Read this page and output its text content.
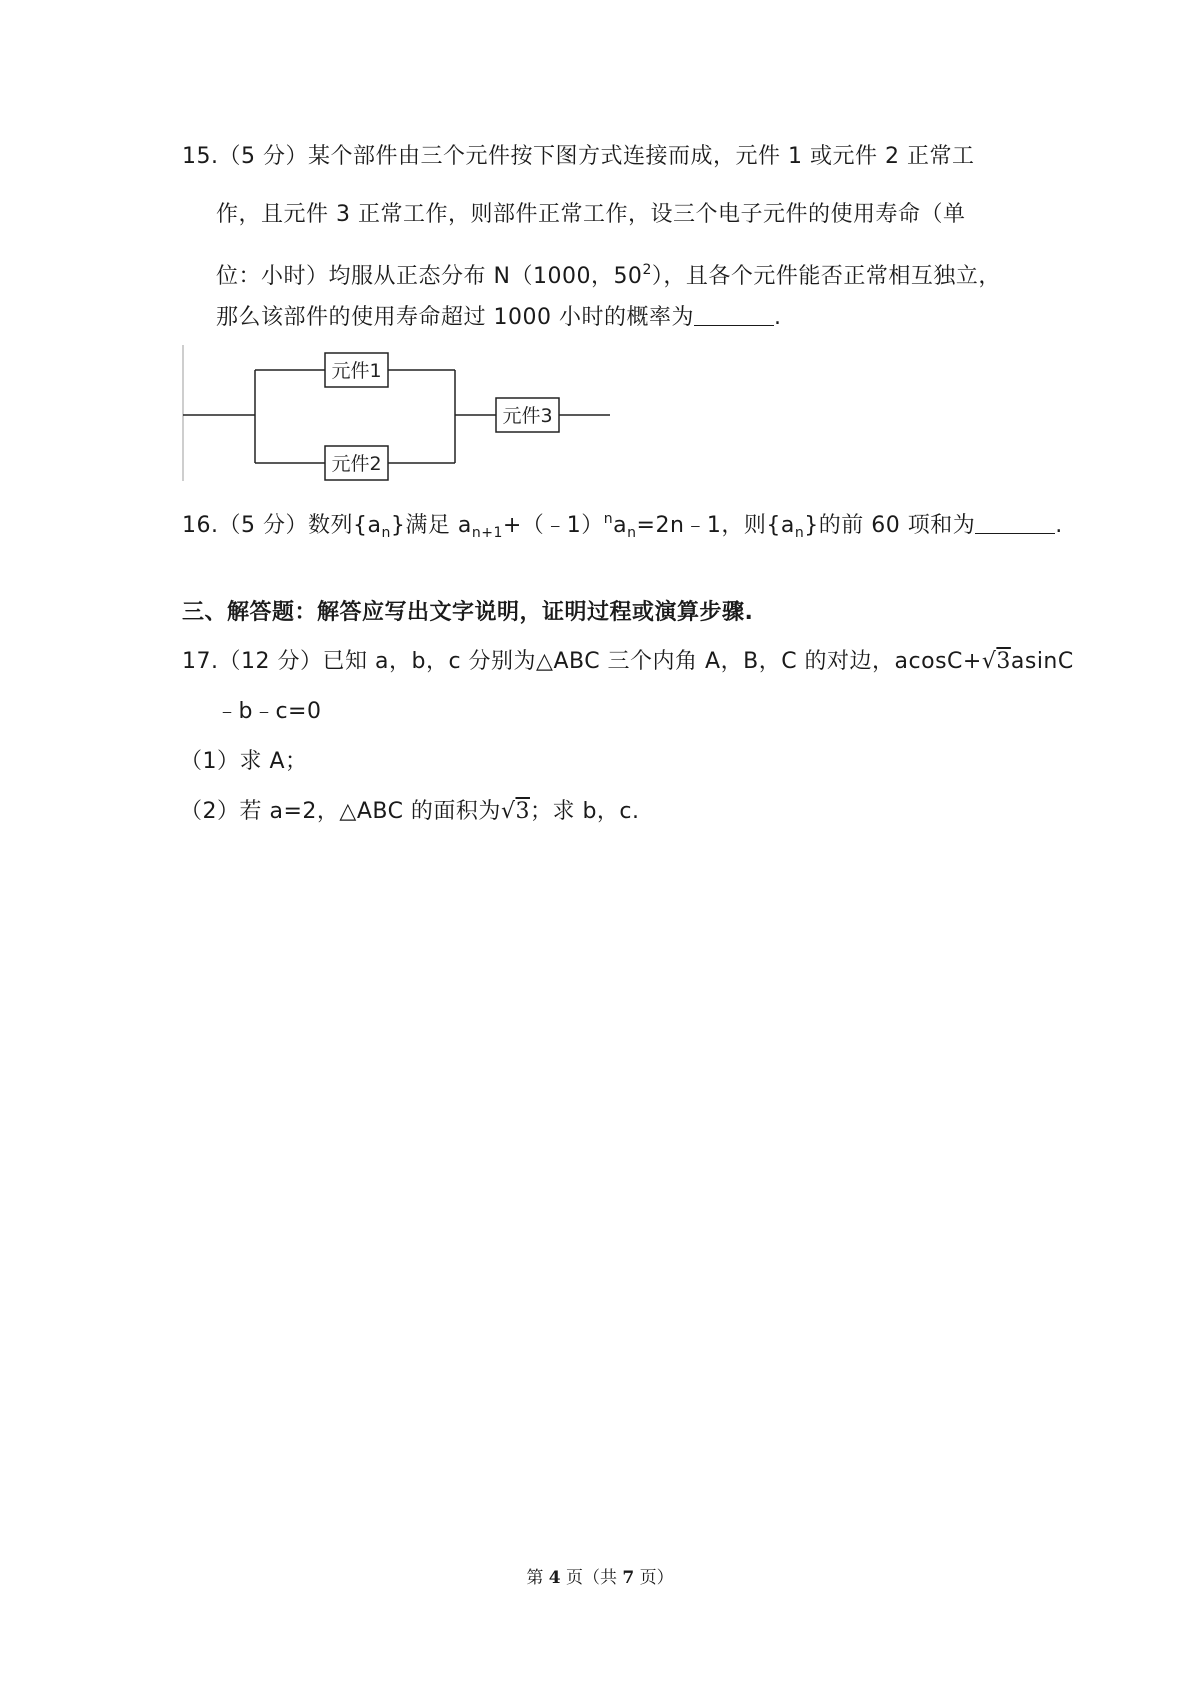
15.（5 分）某个部件由三个元件按下图方式连接而成，元件 1 或元件 2 正常工
作，且元件 3 正常工作，则部件正常工作，设三个电子元件的使用寿命（单
位：小时）均服从正态分布 N（1000，$50^2$），且各个元件能否正常相互独立，
那么该部件的使用寿命超过 1000 小时的概率为	.
元件1
元件2
元件3
16.（5 分）数列$\{a_n\}$满足 $a_{n+1}+(﹣1)^na_n=2n﹣1$，则$\{a_n\}$的前 60 项和为	.
三、解答题：解答应写出文字说明，证明过程或演算步骤.
17.（12 分）已知 a，b，c 分别为△ABC 三个内角 A，B，C 的对边，acosC+√3asinC
﹣b﹣c=0
（1）求 A；
（2）若 a=2，△ABC 的面积为√3；求 b，c.
第 4 页（共 7 页）
